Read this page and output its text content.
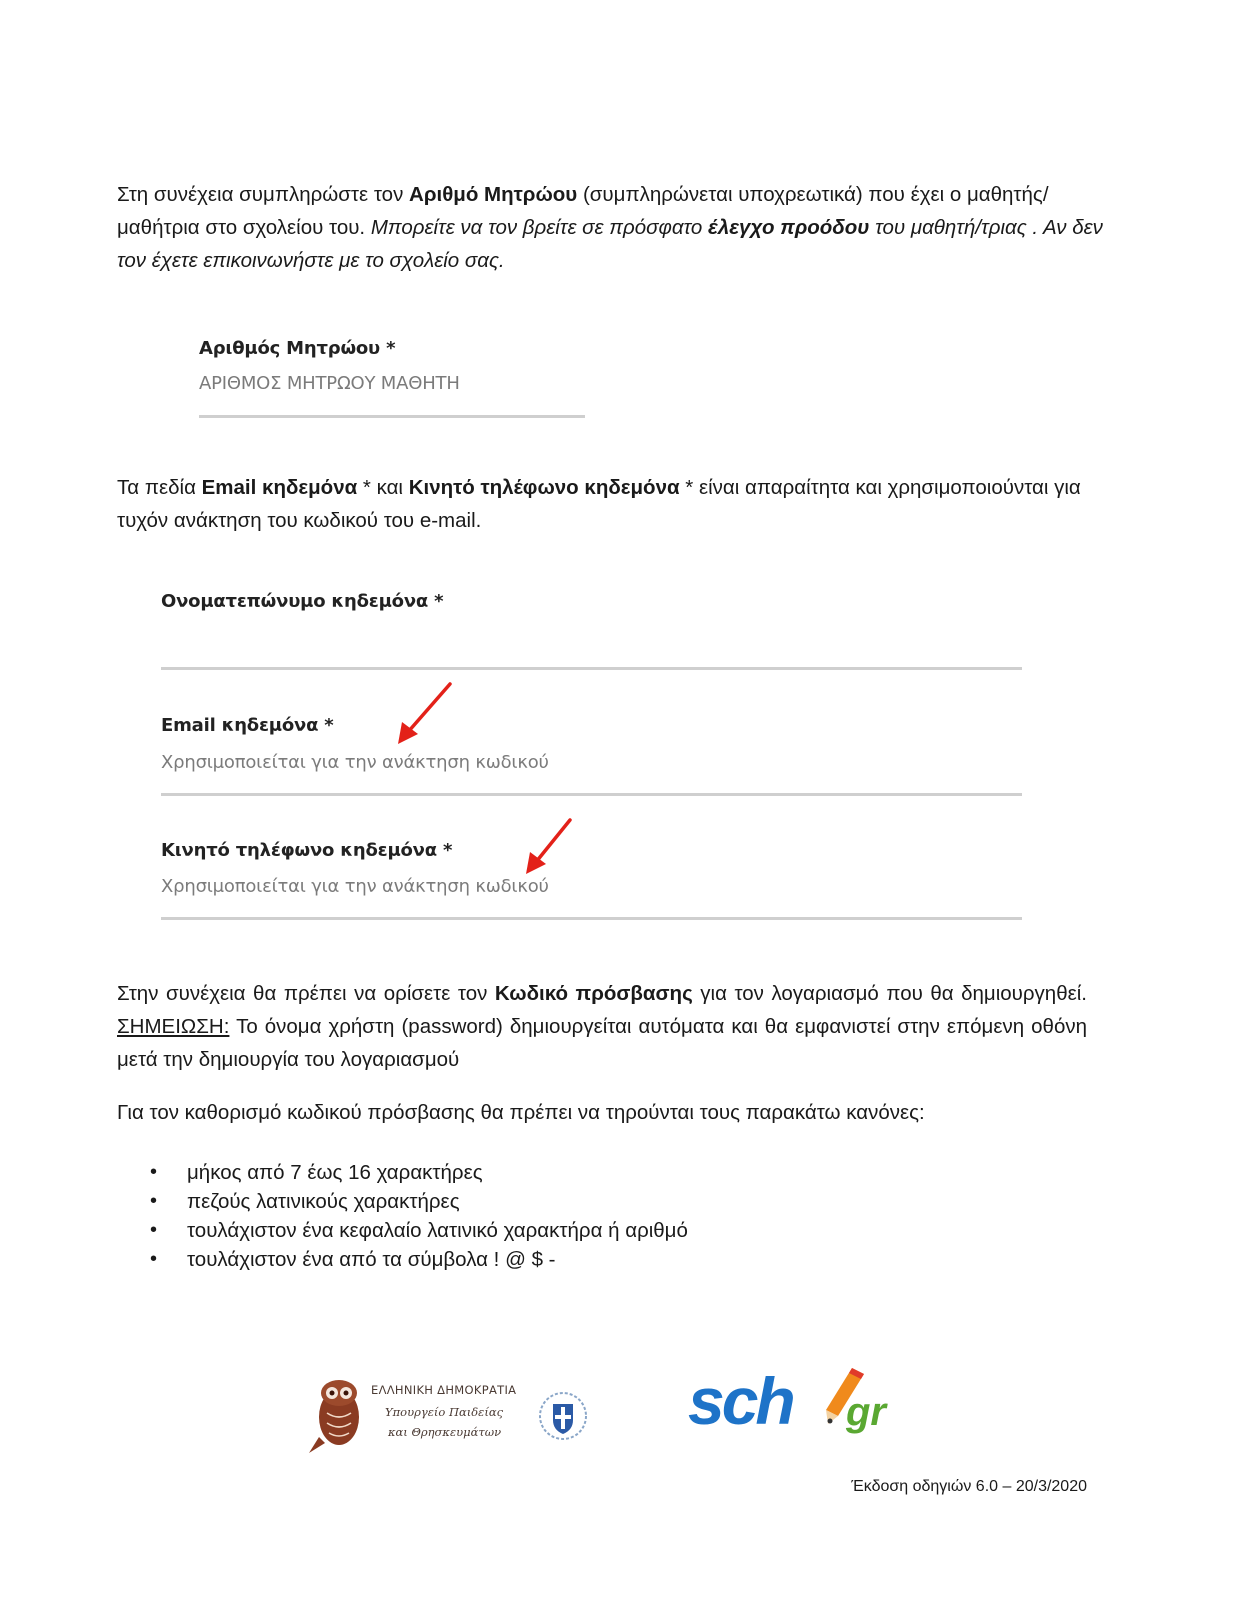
Στη συνέχεια συμπληρώστε τον Αριθμό Μητρώου (συμπληρώνεται υποχρεωτικά) που έχει ο μαθητής/μαθήτρια στο σχολείου του. Μπορείτε να τον βρείτε σε πρόσφατο έλεγχο προόδου του μαθητή/τριας . Αν δεν τον έχετε επικοινωνήστε με το σχολείο σας.
Αριθμός Μητρώου *
ΑΡΙΘΜΟΣ ΜΗΤΡΩΟΥ ΜΑΘΗΤΗ
Τα πεδία Email κηδεμόνα * και Κινητό τηλέφωνο κηδεμόνα * είναι απαραίτητα και χρησιμοποιούνται για τυχόν ανάκτηση του κωδικού του e-mail.
Ονοματεπώνυμο κηδεμόνα *
Email κηδεμόνα *
Χρησιμοποιείται για την ανάκτηση κωδικού
Κινητό τηλέφωνο κηδεμόνα *
Χρησιμοποιείται για την ανάκτηση κωδικού
Στην συνέχεια θα πρέπει να ορίσετε τον Κωδικό πρόσβασης για τον λογαριασμό που θα δημιουργηθεί. ΣΗΜΕΙΩΣΗ: Το όνομα χρήστη (password) δημιουργείται αυτόματα και θα εμφανιστεί στην επόμενη οθόνη μετά την δημιουργία του λογαριασμού
Για τον καθορισμό κωδικού πρόσβασης θα πρέπει να τηρούνται τους παρακάτω κανόνες:
• μήκος από 7 έως 16 χαρακτήρες
• πεζούς λατινικούς χαρακτήρες
• τουλάχιστον ένα κεφαλαίο λατινικό χαρακτήρα ή αριθμό
• τουλάχιστον ένα από τα σύμβολα ! @ $ -
ΕΛΛΗΝΙΚΗ ΔΗΜΟΚΡΑΤΙΑ
Υπουργείο Παιδείας
και Θρησκευμάτων	sch gr
Έκδοση οδηγιών 6.0 – 20/3/2020
